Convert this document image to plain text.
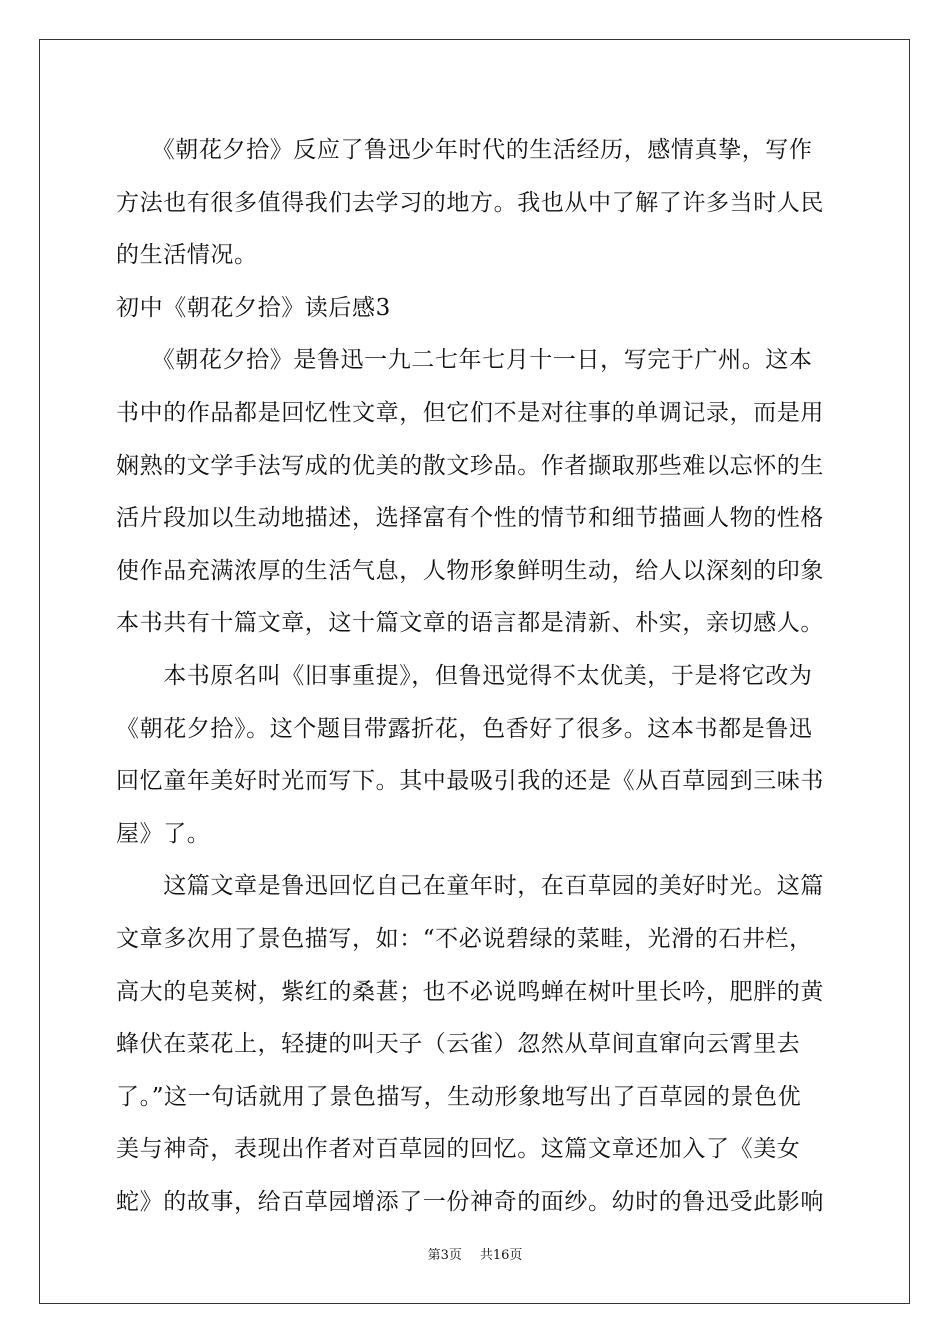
　　《朝花夕拾》反应了鲁迅少年时代的生活经历，感情真挚，写作
方法也有很多值得我们去学习的地方。我也从中了解了许多当时人民
的生活情况。
初中《朝花夕拾》读后感3
　　《朝花夕拾》是鲁迅一九二七年七月十一日，写完于广州。这本
书中的作品都是回忆性文章，但它们不是对往事的单调记录，而是用
娴熟的文学手法写成的优美的散文珍品。作者撷取那些难以忘怀的生
活片段加以生动地描述，选择富有个性的情节和细节描画人物的性格
使作品充满浓厚的生活气息，人物形象鲜明生动，给人以深刻的印象
本书共有十篇文章，这十篇文章的语言都是清新、朴实，亲切感人。
　　本书原名叫《旧事重提》，但鲁迅觉得不太优美，于是将它改为
《朝花夕拾》。这个题目带露折花，色香好了很多。这本书都是鲁迅
回忆童年美好时光而写下。其中最吸引我的还是《从百草园到三味书
屋》了。
　　这篇文章是鲁迅回忆自己在童年时，在百草园的美好时光。这篇
文章多次用了景色描写，如：“不必说碧绿的菜畦，光滑的石井栏，
高大的皂荚树，紫红的桑葚；也不必说鸣蝉在树叶里长吟，肥胖的黄
蜂伏在菜花上，轻捷的叫天子（云雀）忽然从草间直窜向云霄里去
了。”这一句话就用了景色描写，生动形象地写出了百草园的景色优
美与神奇，表现出作者对百草园的回忆。这篇文章还加入了《美女
蛇》的故事，给百草园增添了一份神奇的面纱。幼时的鲁迅受此影响
第3页 共16页
